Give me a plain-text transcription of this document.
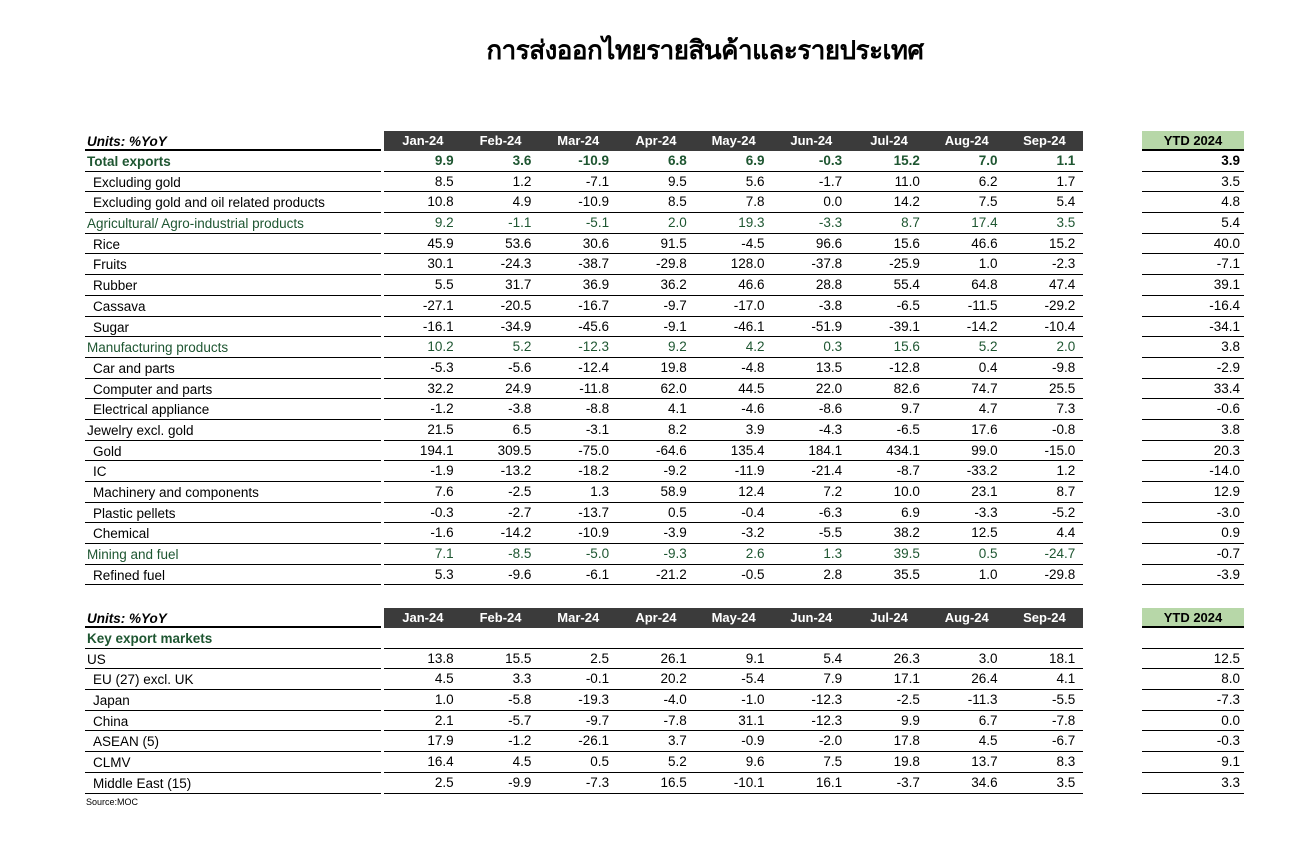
การส่งออกไทยรายสินค้าและรายประเทศ
Units: %YoY	Jan-24	Feb-24	Mar-24	Apr-24	May-24	Jun-24	Jul-24	Aug-24	Sep-24	YTD 2024
Total exports	9.9	3.6	-10.9	6.8	6.9	-0.3	15.2	7.0	1.1	3.9
Excluding gold	8.5	1.2	-7.1	9.5	5.6	-1.7	11.0	6.2	1.7	3.5
Excluding gold and oil related products	10.8	4.9	-10.9	8.5	7.8	0.0	14.2	7.5	5.4	4.8
Agricultural/ Agro-industrial products	9.2	-1.1	-5.1	2.0	19.3	-3.3	8.7	17.4	3.5	5.4
Rice	45.9	53.6	30.6	91.5	-4.5	96.6	15.6	46.6	15.2	40.0
Fruits	30.1	-24.3	-38.7	-29.8	128.0	-37.8	-25.9	1.0	-2.3	-7.1
Rubber	5.5	31.7	36.9	36.2	46.6	28.8	55.4	64.8	47.4	39.1
Cassava	-27.1	-20.5	-16.7	-9.7	-17.0	-3.8	-6.5	-11.5	-29.2	-16.4
Sugar	-16.1	-34.9	-45.6	-9.1	-46.1	-51.9	-39.1	-14.2	-10.4	-34.1
Manufacturing products	10.2	5.2	-12.3	9.2	4.2	0.3	15.6	5.2	2.0	3.8
Car and parts	-5.3	-5.6	-12.4	19.8	-4.8	13.5	-12.8	0.4	-9.8	-2.9
Computer and parts	32.2	24.9	-11.8	62.0	44.5	22.0	82.6	74.7	25.5	33.4
Electrical appliance	-1.2	-3.8	-8.8	4.1	-4.6	-8.6	9.7	4.7	7.3	-0.6
Jewelry excl. gold	21.5	6.5	-3.1	8.2	3.9	-4.3	-6.5	17.6	-0.8	3.8
Gold	194.1	309.5	-75.0	-64.6	135.4	184.1	434.1	99.0	-15.0	20.3
IC	-1.9	-13.2	-18.2	-9.2	-11.9	-21.4	-8.7	-33.2	1.2	-14.0
Machinery and components	7.6	-2.5	1.3	58.9	12.4	7.2	10.0	23.1	8.7	12.9
Plastic pellets	-0.3	-2.7	-13.7	0.5	-0.4	-6.3	6.9	-3.3	-5.2	-3.0
Chemical	-1.6	-14.2	-10.9	-3.9	-3.2	-5.5	38.2	12.5	4.4	0.9
Mining and fuel	7.1	-8.5	-5.0	-9.3	2.6	1.3	39.5	0.5	-24.7	-0.7
Refined fuel	5.3	-9.6	-6.1	-21.2	-0.5	2.8	35.5	1.0	-29.8	-3.9
Units: %YoY	Jan-24	Feb-24	Mar-24	Apr-24	May-24	Jun-24	Jul-24	Aug-24	Sep-24	YTD 2024
Key export markets
US	13.8	15.5	2.5	26.1	9.1	5.4	26.3	3.0	18.1	12.5
EU (27) excl. UK	4.5	3.3	-0.1	20.2	-5.4	7.9	17.1	26.4	4.1	8.0
Japan	1.0	-5.8	-19.3	-4.0	-1.0	-12.3	-2.5	-11.3	-5.5	-7.3
China	2.1	-5.7	-9.7	-7.8	31.1	-12.3	9.9	6.7	-7.8	0.0
ASEAN (5)	17.9	-1.2	-26.1	3.7	-0.9	-2.0	17.8	4.5	-6.7	-0.3
CLMV	16.4	4.5	0.5	5.2	9.6	7.5	19.8	13.7	8.3	9.1
Middle East (15)	2.5	-9.9	-7.3	16.5	-10.1	16.1	-3.7	34.6	3.5	3.3
Source:MOC
